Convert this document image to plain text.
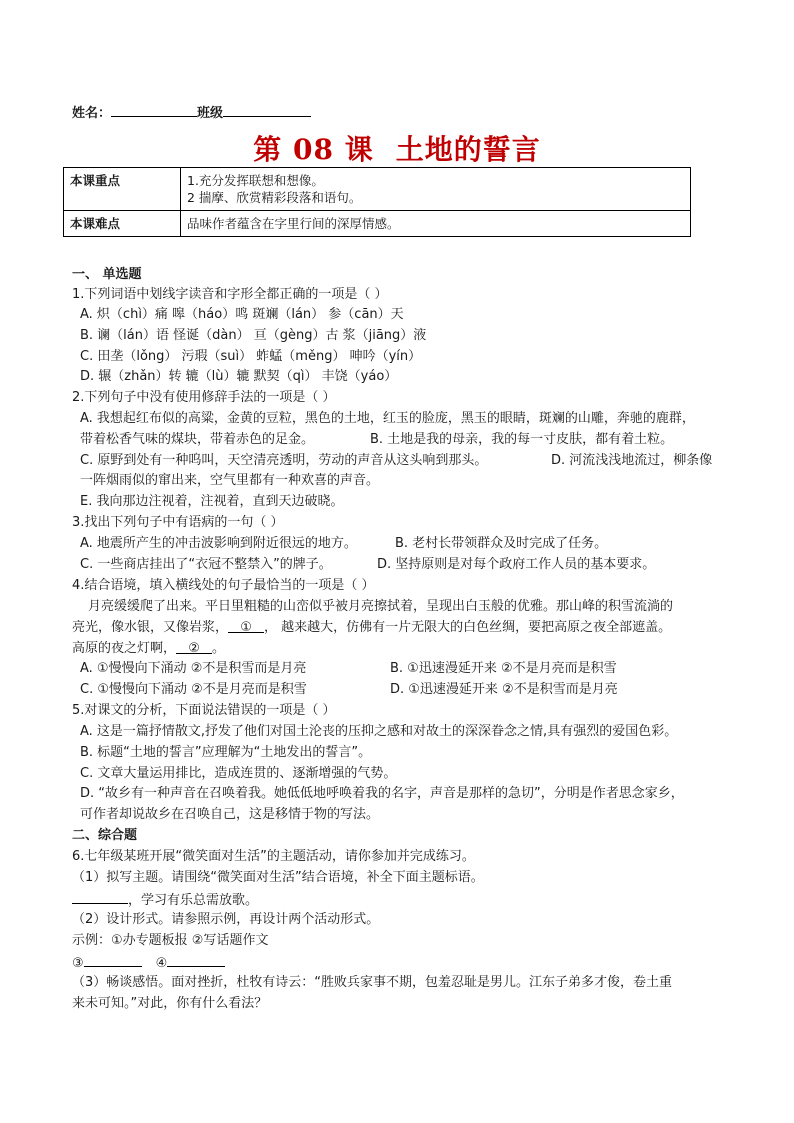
姓名：	班级
第 08 课 土地的誓言
本课重点	1.充分发挥联想和想像。
2 揣摩、欣赏精彩段落和语句。

本课难点	品味作者蕴含在字里行间的深厚情感。
一、 单选题
1.下列词语中划线字读音和字形全都正确的一项是（ ）
A. 炽（chì）痛 嗥（háo）鸣 斑斓（lán） 参（cān）天
B. 谰（lán）语 怪诞（dàn） 亘（gèng）古 浆（jiāng）液
C. 田垄（lǒng） 污瑕（suì） 蚱蜢（měng） 呻吟（yín）
D. 辗（zhǎn）转 辘（lù）辘 默契（qì） 丰饶（yáo）
2.下列句子中没有使用修辞手法的一项是（ ）
A. 我想起红布似的高粱，金黄的豆粒，黑色的土地，红玉的脸庞，黑玉的眼睛，斑斓的山雕，奔驰的鹿群，
带着松香气味的煤块，带着赤色的足金。	B. 土地是我的母亲，我的每一寸皮肤，都有着土粒。
C. 原野到处有一种呜叫，天空清亮透明，劳动的声音从这头响到那头。	D. 河流浅浅地流过，柳条像
一阵烟雨似的窜出来，空气里都有一种欢喜的声音。
E. 我向那边注视着，注视着，直到天边破晓。
3.找出下列句子中有语病的一句（ ）
A. 地震所产生的冲击波影响到附近很远的地方。	B. 老村长带领群众及时完成了任务。
C. 一些商店挂出了“衣冠不整禁入”的牌子。	D. 坚持原则是对每个政府工作人员的基本要求。
4.结合语境，填入横线处的句子最恰当的一项是（ ）
月亮缓缓爬了出来。平日里粗糙的山峦似乎被月亮擦拭着，呈现出白玉般的优雅。那山峰的积雪流淌的
亮光，像水银，又像岩浆， ① ， 越来越大，仿佛有一片无限大的白色丝绸，要把高原之夜全部遮盖。
高原的夜之灯啊， ② 。
A. ①慢慢向下涌动 ②不是积雪而是月亮	B. ①迅速漫延开来 ②不是月亮而是积雪
C. ①慢慢向下涌动 ②不是月亮而是积雪	D. ①迅速漫延开来 ②不是积雪而是月亮
5.对课文的分析，下面说法错误的一项是（ ）
A. 这是一篇抒情散文,抒发了他们对国土沦丧的压抑之感和对故土的深深眷念之情,具有强烈的爱国色彩。
B. 标题“土地的誓言”应理解为“土地发出的誓言”。
C. 文章大量运用排比，造成连贯的、逐渐增强的气势。
D. “故乡有一种声音在召唤着我。她低低地呼唤着我的名字，声音是那样的急切”，分明是作者思念家乡，
可作者却说故乡在召唤自己，这是移情于物的写法。
二、综合题
6.七年级某班开展“微笑面对生活”的主题活动，请你参加并完成练习。
（1）拟写主题。请围绕“微笑面对生活”结合语境，补全下面主题标语。
，学习有乐总需放歌。
（2）设计形式。请参照示例，再设计两个活动形式。
示例：①办专题板报 ②写话题作文
③	④
（3）畅谈感悟。面对挫折，杜牧有诗云：“胜败兵家事不期，包羞忍耻是男儿。江东子弟多才俊，卷土重
来未可知。”对此，你有什么看法？
